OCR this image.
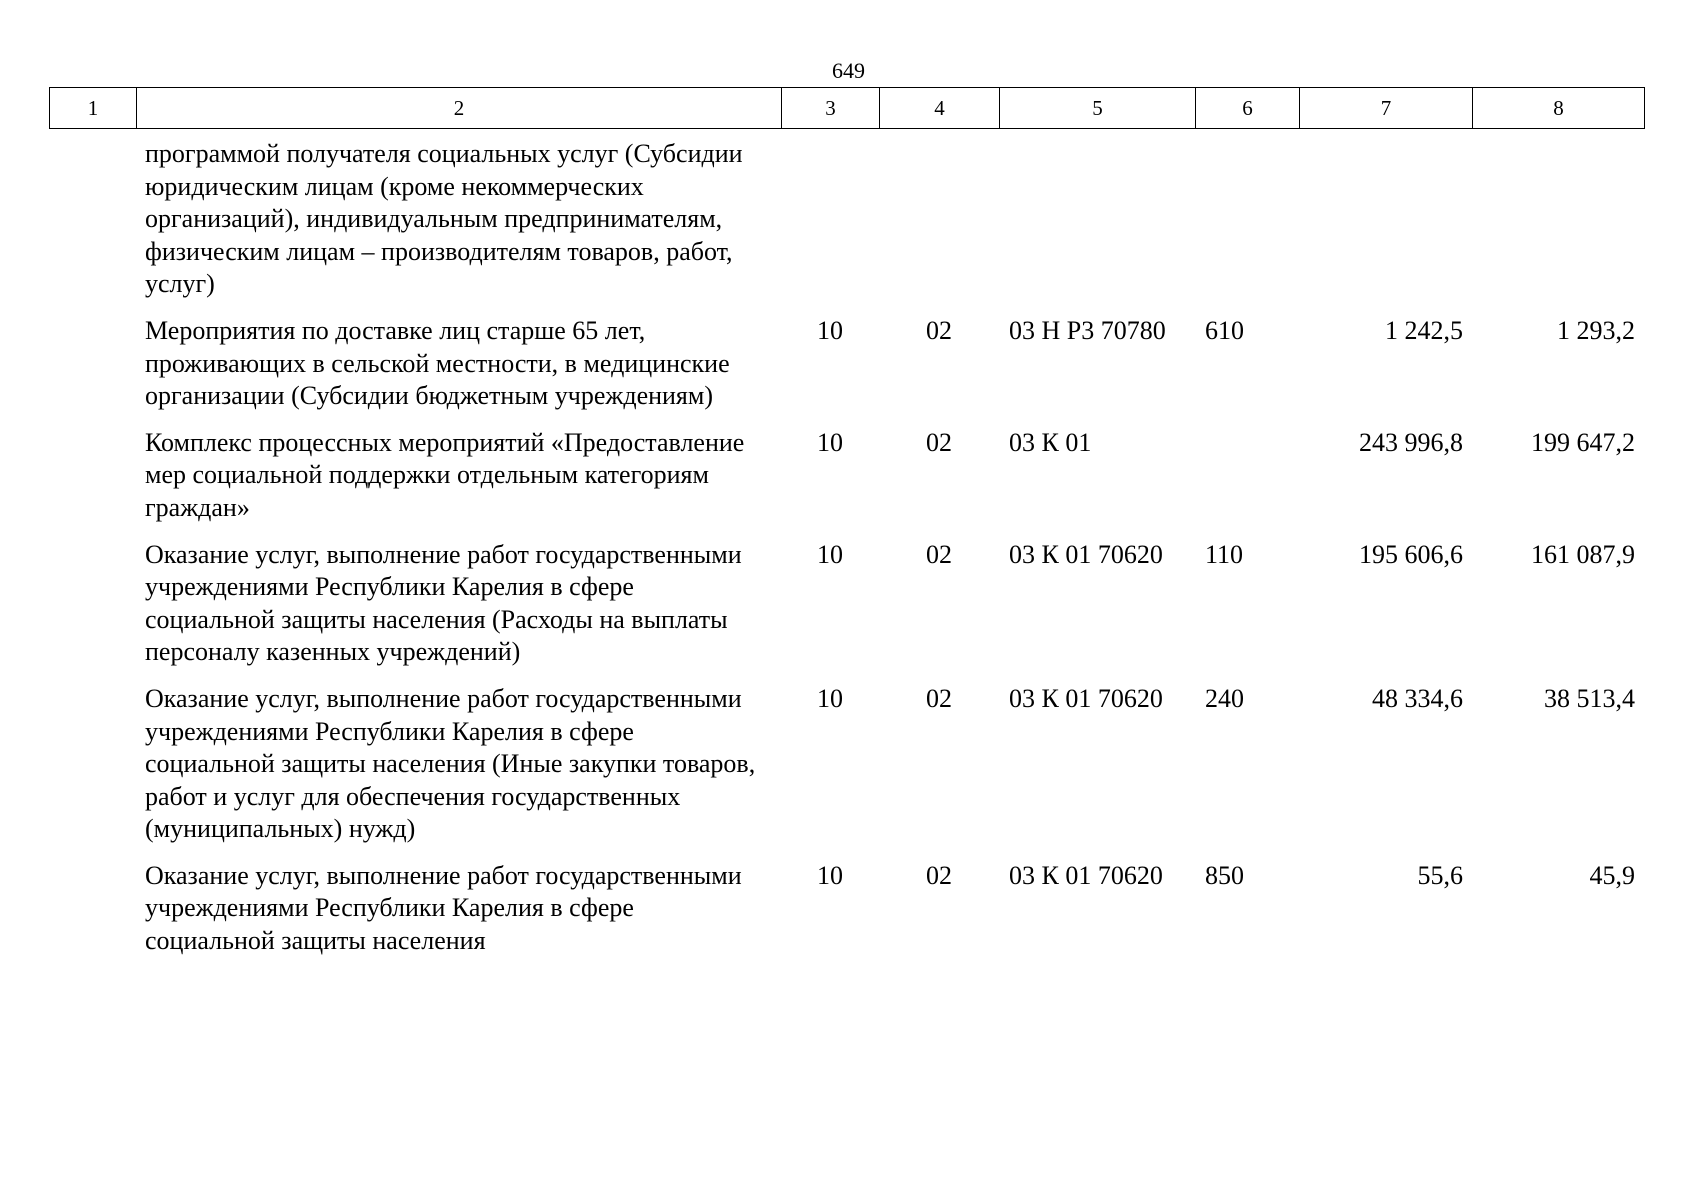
649
1	2	3	4	5	6	7	8
программой получателя социальных услуг (Субсидии юридическим лицам (кроме некоммерческих организаций), индивидуальным предпринимателям, физическим лицам – производителям товаров, работ, услуг)						
Мероприятия по доставке лиц старше 65 лет, проживающих в сельской местности, в медицинские организации (Субсидии бюджетным учреждениям)	10	02	03 Н Р3 70780	610	1 242,5	1 293,2
Комплекс процессных мероприятий «Предоставление мер социальной поддержки отдельным категориям граждан»	10	02	03 К 01		243 996,8	199 647,2
Оказание услуг, выполнение работ государственными учреждениями Республики Карелия в сфере социальной защиты населения (Расходы на выплаты персоналу казенных учреждений)	10	02	03 К 01 70620	110	195 606,6	161 087,9
Оказание услуг, выполнение работ государственными учреждениями Республики Карелия в сфере социальной защиты населения (Иные закупки товаров, работ и услуг для обеспечения государственных (муниципальных) нужд)	10	02	03 К 01 70620	240	48 334,6	38 513,4
Оказание услуг, выполнение работ государственными учреждениями Республики Карелия в сфере социальной защиты населения	10	02	03 К 01 70620	850	55,6	45,9
